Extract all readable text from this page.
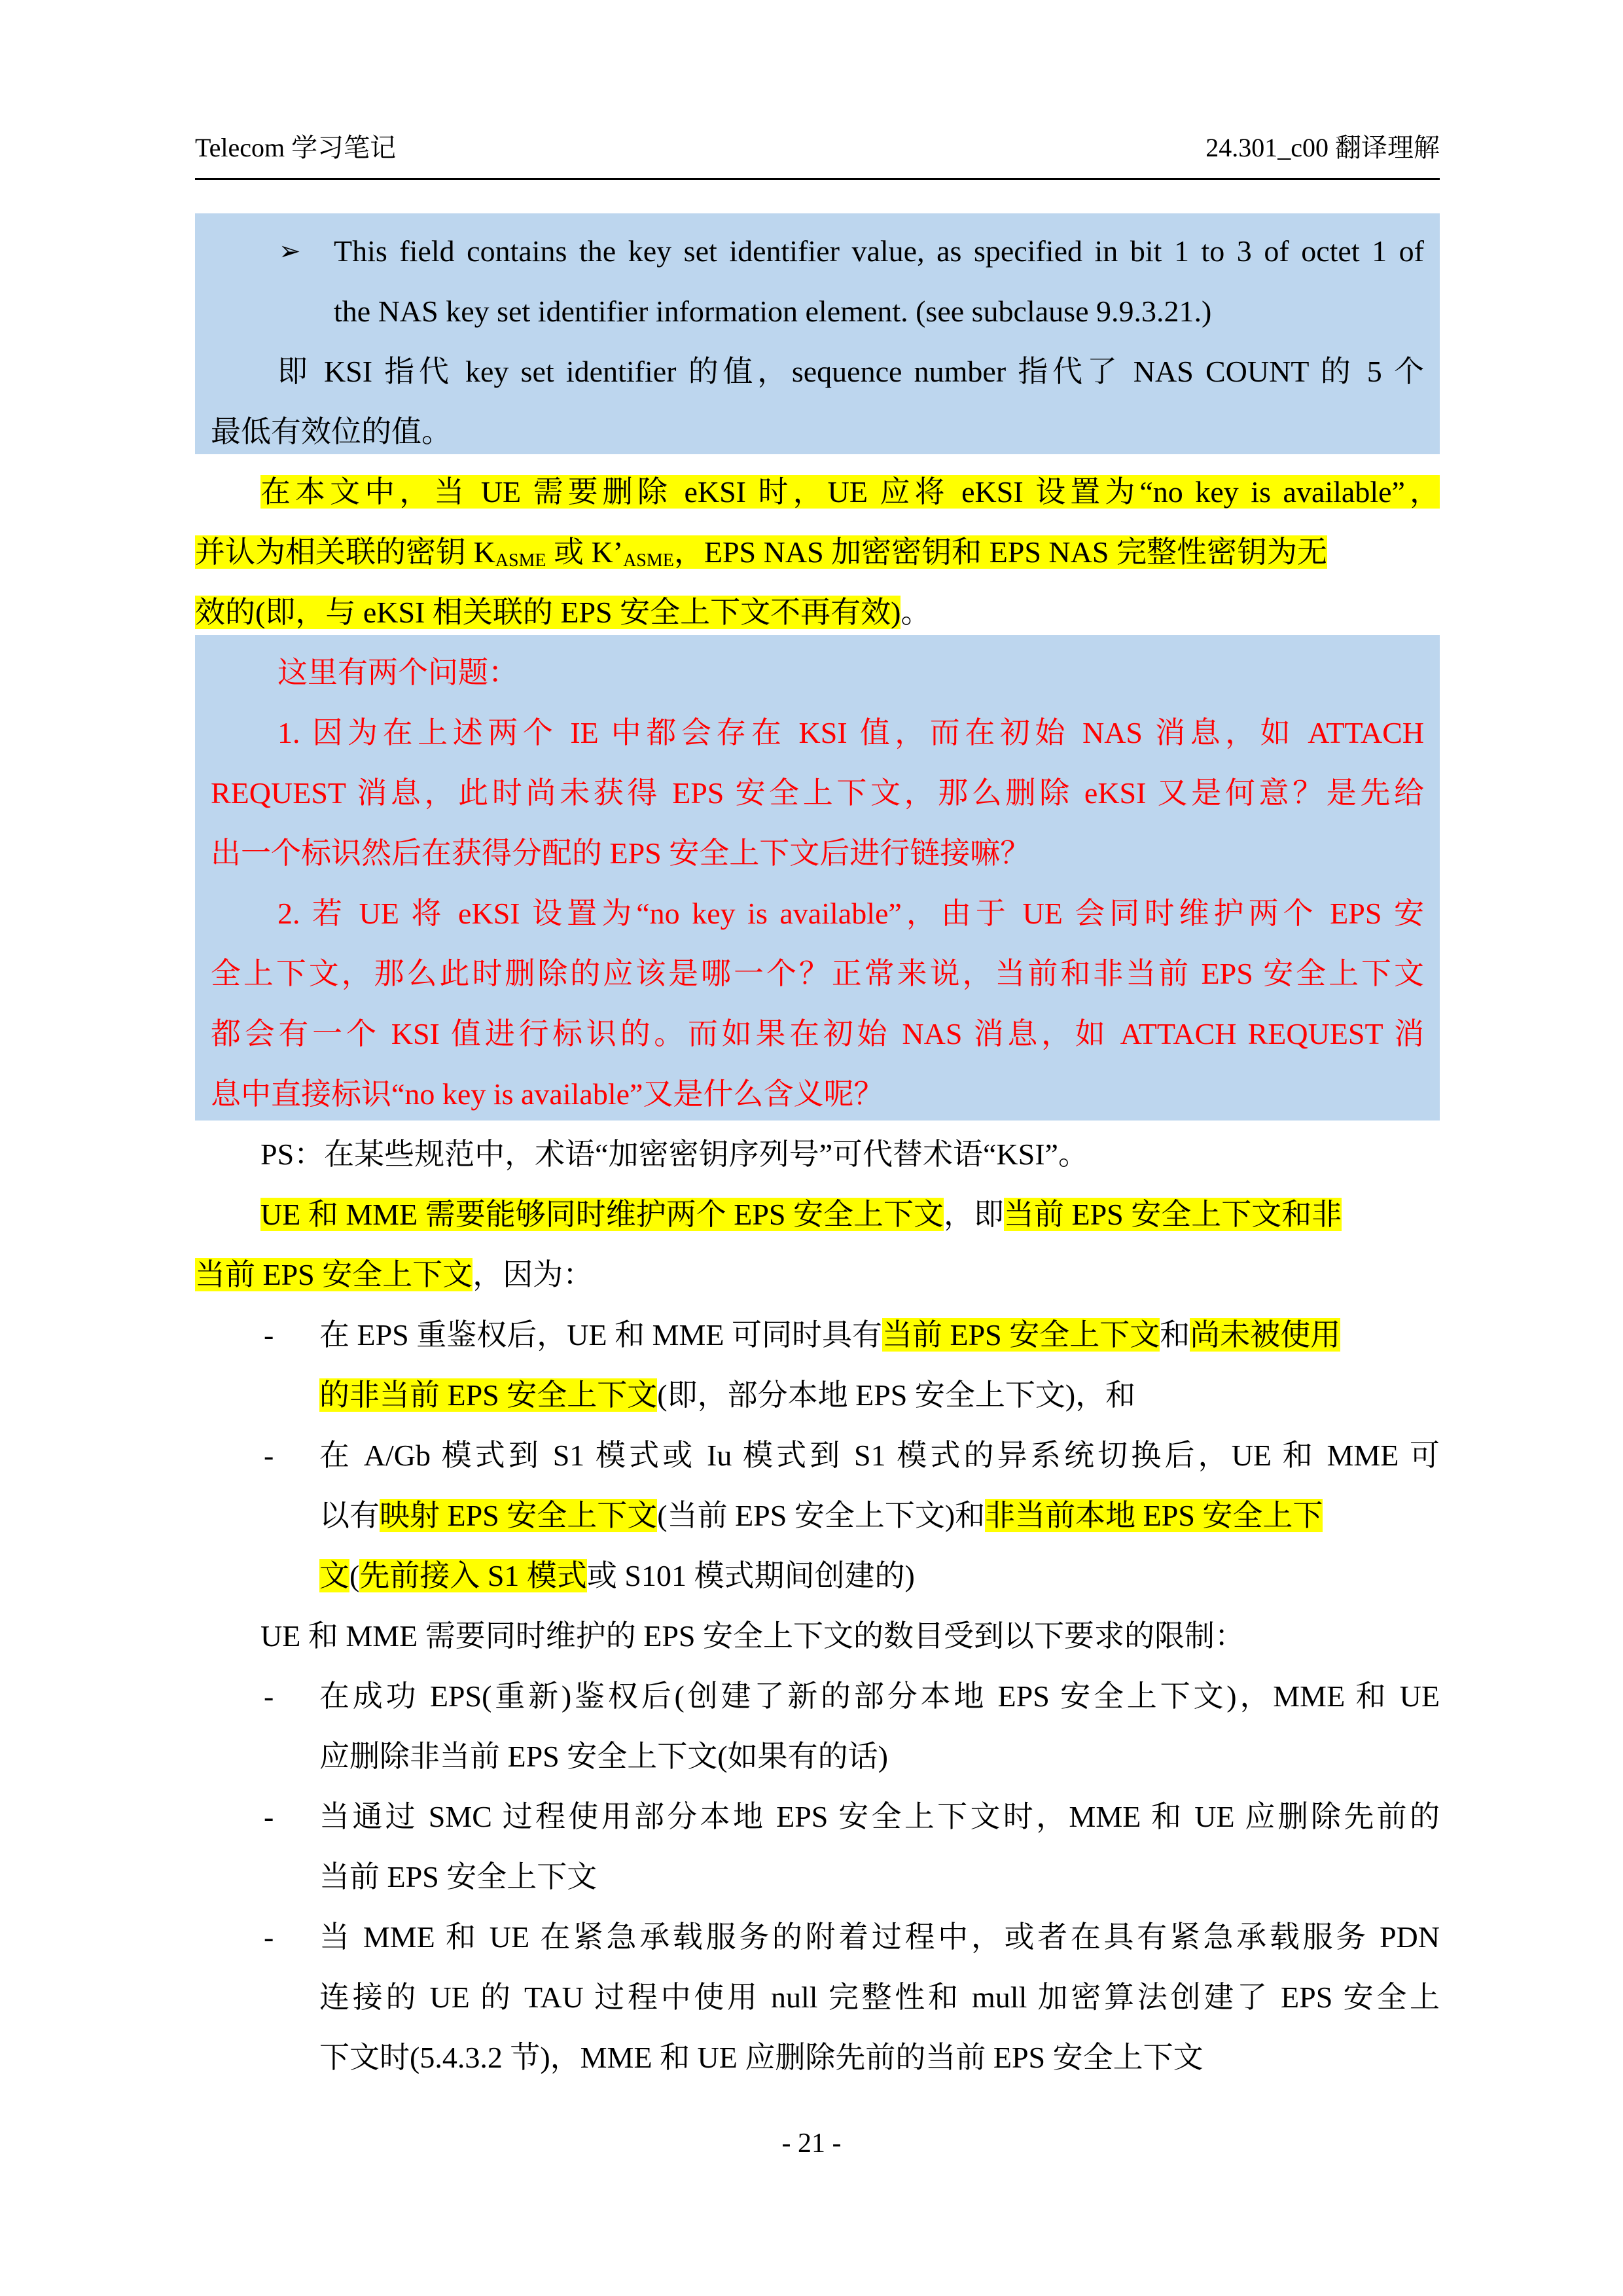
Telecom 学习笔记	24.301_c00 翻译理解
➢ This field contains the key set identifier value, as specified in bit 1 to 3 of octet 1 of
the NAS key set identifier information element. (see subclause 9.9.3.21.)
即 KSI 指代 key set identifier 的值，sequence number 指代了 NAS COUNT 的 5 个
最低有效位的值。
在本文中，当 UE 需要删除 eKSI 时，UE 应将 eKSI 设置为“no key is available”，
并认为相关联的密钥 $K_{ASME}$ 或 $K’_{ASME}$，EPS NAS 加密密钥和 EPS NAS 完整性密钥为无
效的(即，与 eKSI 相关联的 EPS 安全上下文不再有效)。
这里有两个问题：
1. 因为在上述两个 IE 中都会存在 KSI 值，而在初始 NAS 消息，如 ATTACH
REQUEST 消息，此时尚未获得 EPS 安全上下文，那么删除 eKSI 又是何意？是先给
出一个标识然后在获得分配的 EPS 安全上下文后进行链接嘛？
2. 若 UE 将 eKSI 设置为“no key is available”，由于 UE 会同时维护两个 EPS 安
全上下文，那么此时删除的应该是哪一个？正常来说，当前和非当前 EPS 安全上下文
都会有一个 KSI 值进行标识的。而如果在初始 NAS 消息，如 ATTACH REQUEST 消
息中直接标识“no key is available”又是什么含义呢？
PS：在某些规范中，术语“加密密钥序列号”可代替术语“KSI”。
UE 和 MME 需要能够同时维护两个 EPS 安全上下文，即当前 EPS 安全上下文和非
当前 EPS 安全上下文，因为：
- 在 EPS 重鉴权后，UE 和 MME 可同时具有当前 EPS 安全上下文和尚未被使用
的非当前 EPS 安全上下文(即，部分本地 EPS 安全上下文)，和
- 在 A/Gb 模式到 S1 模式或 Iu 模式到 S1 模式的异系统切换后，UE 和 MME 可
以有映射 EPS 安全上下文(当前 EPS 安全上下文)和非当前本地 EPS 安全上下
文(先前接入 S1 模式或 S101 模式期间创建的)
UE 和 MME 需要同时维护的 EPS 安全上下文的数目受到以下要求的限制：
- 在成功 EPS(重新)鉴权后(创建了新的部分本地 EPS 安全上下文)，MME 和 UE
应删除非当前 EPS 安全上下文(如果有的话)
- 当通过 SMC 过程使用部分本地 EPS 安全上下文时，MME 和 UE 应删除先前的
当前 EPS 安全上下文
- 当 MME 和 UE 在紧急承载服务的附着过程中，或者在具有紧急承载服务 PDN
连接的 UE 的 TAU 过程中使用 null 完整性和 mull 加密算法创建了 EPS 安全上
下文时(5.4.3.2 节)，MME 和 UE 应删除先前的当前 EPS 安全上下文
- 21 -
